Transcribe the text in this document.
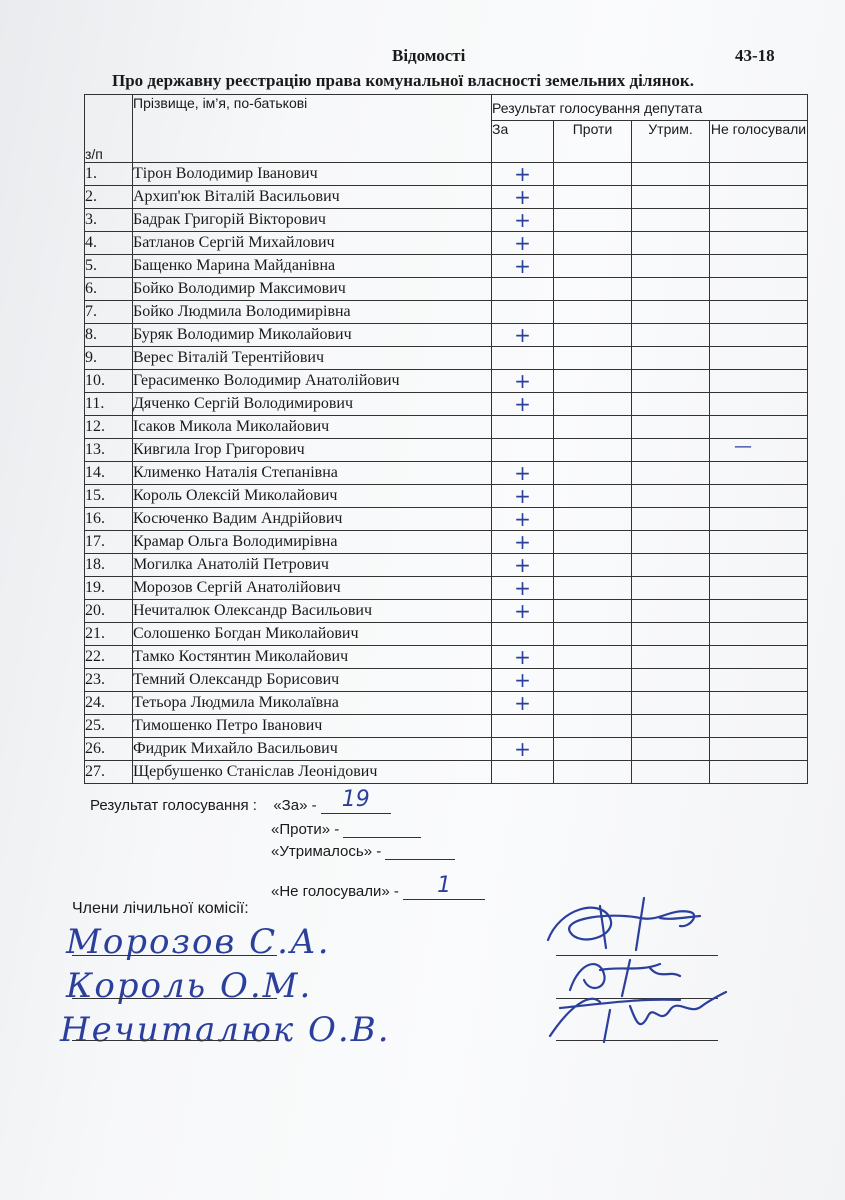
Відомості	43-18
Про державну реєстрацію права комунальної власності земельних ділянок.
з/п	Прізвище, ім’я, по-батькові	Результат голосування депутата			
		За	Проти	Утрим.	Не голосували
1.	Тірон Володимир Іванович	+			

2.	Архип'юк Віталій Васильович	+			

3.	Бадрак Григорій Вікторович	+			

4.	Батланов Сергій Михайлович	+			

5.	Бащенко Марина Майданівна	+			

6.	Бойко Володимир Максимович	

7.	Бойко Людмила Володимирівна	

8.	Буряк Володимир Миколайович	+			

9.	Верес Віталій Терентійович	

10.	Герасименко Володимир Анатолійович	+			

11.	Дяченко Сергій Володимирович	+			

12.	Ісаков Микола Миколайович	

13.	Кивгила Ігор Григорович				—

14.	Клименко Наталія Степанівна	+			

15.	Король Олексій Миколайович	+			

16.	Косюченко Вадим Андрійович	+			

17.	Крамар Ольга Володимирівна	+			

18.	Могилка Анатолій Петрович	+			

19.	Морозов Сергій Анатолійович	+			

20.	Нечиталюк Олександр Васильович	+			

21.	Солошенко Богдан Миколайович	

22.	Тамко Костянтин Миколайович	+			

23.	Темний Олександр Борисович	+			

24.	Тетьора Людмила Миколаївна	+			

25.	Тимошенко Петро Іванович	

26.	Фидрик Михайло Васильович	+			

27.	Щербушенко Станіслав Леонідович	

Результат голосування : «За» -	19
«Проти» -
«Утрималось» -
«Не голосували» -	1
Члени лічильної комісії:
Морозов С.А.
Король О.М.
Нечиталюк О.В.
